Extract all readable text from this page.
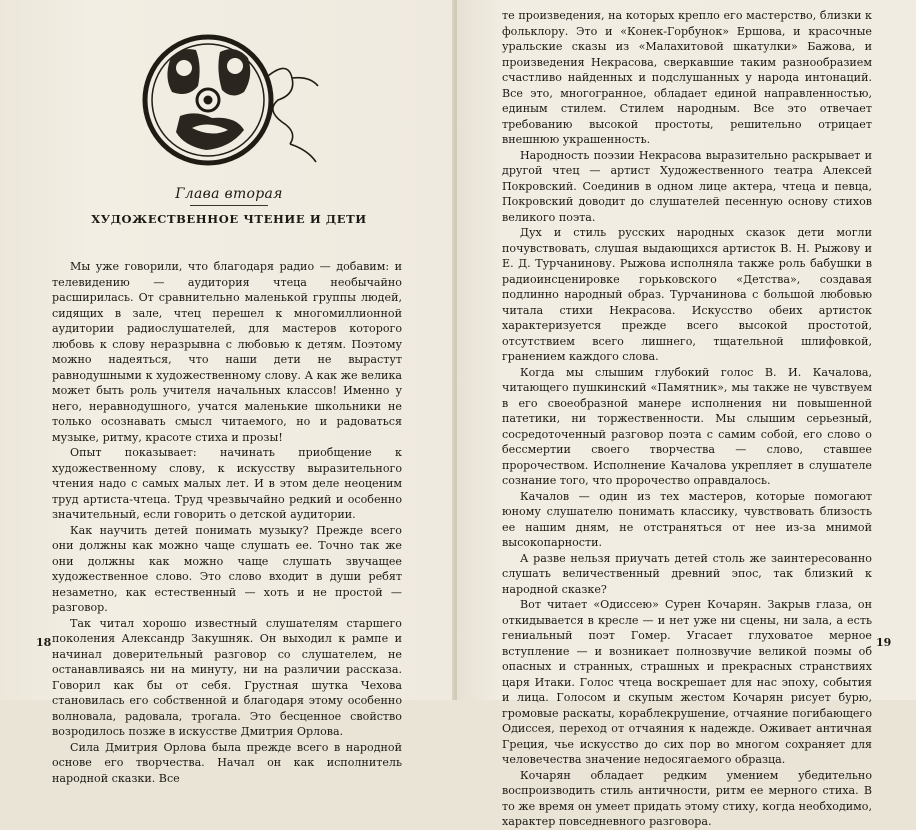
Глава вторая
ХУДОЖЕСТВЕННОЕ ЧТЕНИЕ И ДЕТИ

Мы уже говорили, что благодаря радио — добавим: и телевидению — аудитория чтеца необычайно расширилась. От сравнительно маленькой группы людей, сидящих в зале, чтец перешел к многомиллионной аудитории радиослушателей, для мастеров которого любовь к слову неразрывна с любовью к детям. Поэтому можно надеяться, что наши дети не вырастут равнодушными к художественному слову. А как же велика может быть роль учителя начальных классов! Именно у него, неравнодушного, учатся маленькие школьники не только осознавать смысл читаемого, но и радоваться музыке, ритму, красоте стиха и прозы!

Опыт показывает: начинать приобщение к художественному слову, к искусству выразительного чтения надо с самых малых лет. И в этом деле неоценим труд артиста-чтеца. Труд чрезвычайно редкий и особенно значительный, если говорить о детской аудитории.

Как научить детей понимать музыку? Прежде всего они должны как можно чаще слушать ее. Точно так же они должны как можно чаще слушать звучащее художественное слово. Это слово входит в души ребят незаметно, как естественный — хоть и не простой — разговор.

Так читал хорошо известный слушателям старшего поколения Александр Закушняк. Он выходил к рампе и начинал доверительный разговор со слушателем, не останавливаясь ни на минуту, ни на различии рассказа. Говорил как бы от себя. Грустная шутка Чехова становилась его собственной и благодаря этому особенно волновала, радовала, трогала. Это бесценное свойство возродилось позже в искусстве Дмитрия Орлова.

Сила Дмитрия Орлова была прежде всего в народной основе его творчества. Начал он как исполнитель народной сказки. Все

те произведения, на которых крепло его мастерство, близки к фольклору. Это и «Конек-Горбунок» Ершова, и красочные уральские сказы из «Малахитовой шкатулки» Бажова, и произведения Некрасова, сверкавшие таким разнообразием счастливо найденных и подслушанных у народа интонаций. Все это, многогранное, обладает единой направленностью, единым стилем. Стилем народным. Все это отвечает требованию высокой простоты, решительно отрицает внешнюю украшенность.

Народность поэзии Некрасова выразительно раскрывает и другой чтец — артист Художественного театра Алексей Покровский. Соединив в одном лице актера, чтеца и певца, Покровский доводит до слушателей песенную основу стихов великого поэта.

Дух и стиль русских народных сказок дети могли почувствовать, слушая выдающихся артисток В. Н. Рыжову и Е. Д. Турчанинову. Рыжова исполняла также роль бабушки в радиоинсценировке горьковского «Детства», создавая подлинно народный образ. Турчанинова с большой любовью читала стихи Некрасова. Искусство обеих артисток характеризуется прежде всего высокой простотой, отсутствием всего лишнего, тщательной шлифовкой, гранением каждого слова.

Когда мы слышим глубокий голос В. И. Качалова, читающего пушкинский «Памятник», мы также не чувствуем в его своеобразной манере исполнения ни повышенной патетики, ни торжественности. Мы слышим серьезный, сосредоточенный разговор поэта с самим собой, его слово о бессмертии своего творчества — слово, ставшее пророчеством. Исполнение Качалова укрепляет в слушателе сознание того, что пророчество оправдалось.

Качалов — один из тех мастеров, которые помогают юному слушателю понимать классику, чувствовать близость ее нашим дням, не отстраняться от нее из-за мнимой высокопарности.

А разве нельзя приучать детей столь же заинтересованно слушать величественный древний эпос, так близкий к народной сказке?

Вот читает «Одиссею» Сурен Кочарян. Закрыв глаза, он откидывается в кресле — и нет уже ни сцены, ни зала, а есть гениальный поэт Гомер. Угасает глуховатое мерное вступление — и возникает полнозвучие великой поэмы об опасных и странных, страшных и прекрасных странствиях царя Итаки. Голос чтеца воскрешает для нас эпоху, события и лица. Голосом и скупым жестом Кочарян рисует бурю, громовые раскаты, кораблекрушение, отчаяние погибающего Одиссея, переход от отчаяния к надежде. Оживает античная Греция, чье искусство до сих пор во многом сохраняет для человечества значение недосягаемого образца.

Кочарян обладает редким умением убедительно воспроизводить стиль античности, ритм ее мерного стиха. В то же время он умеет придать этому стиху, когда необходимо, характер повседневного разговора.

18	19
